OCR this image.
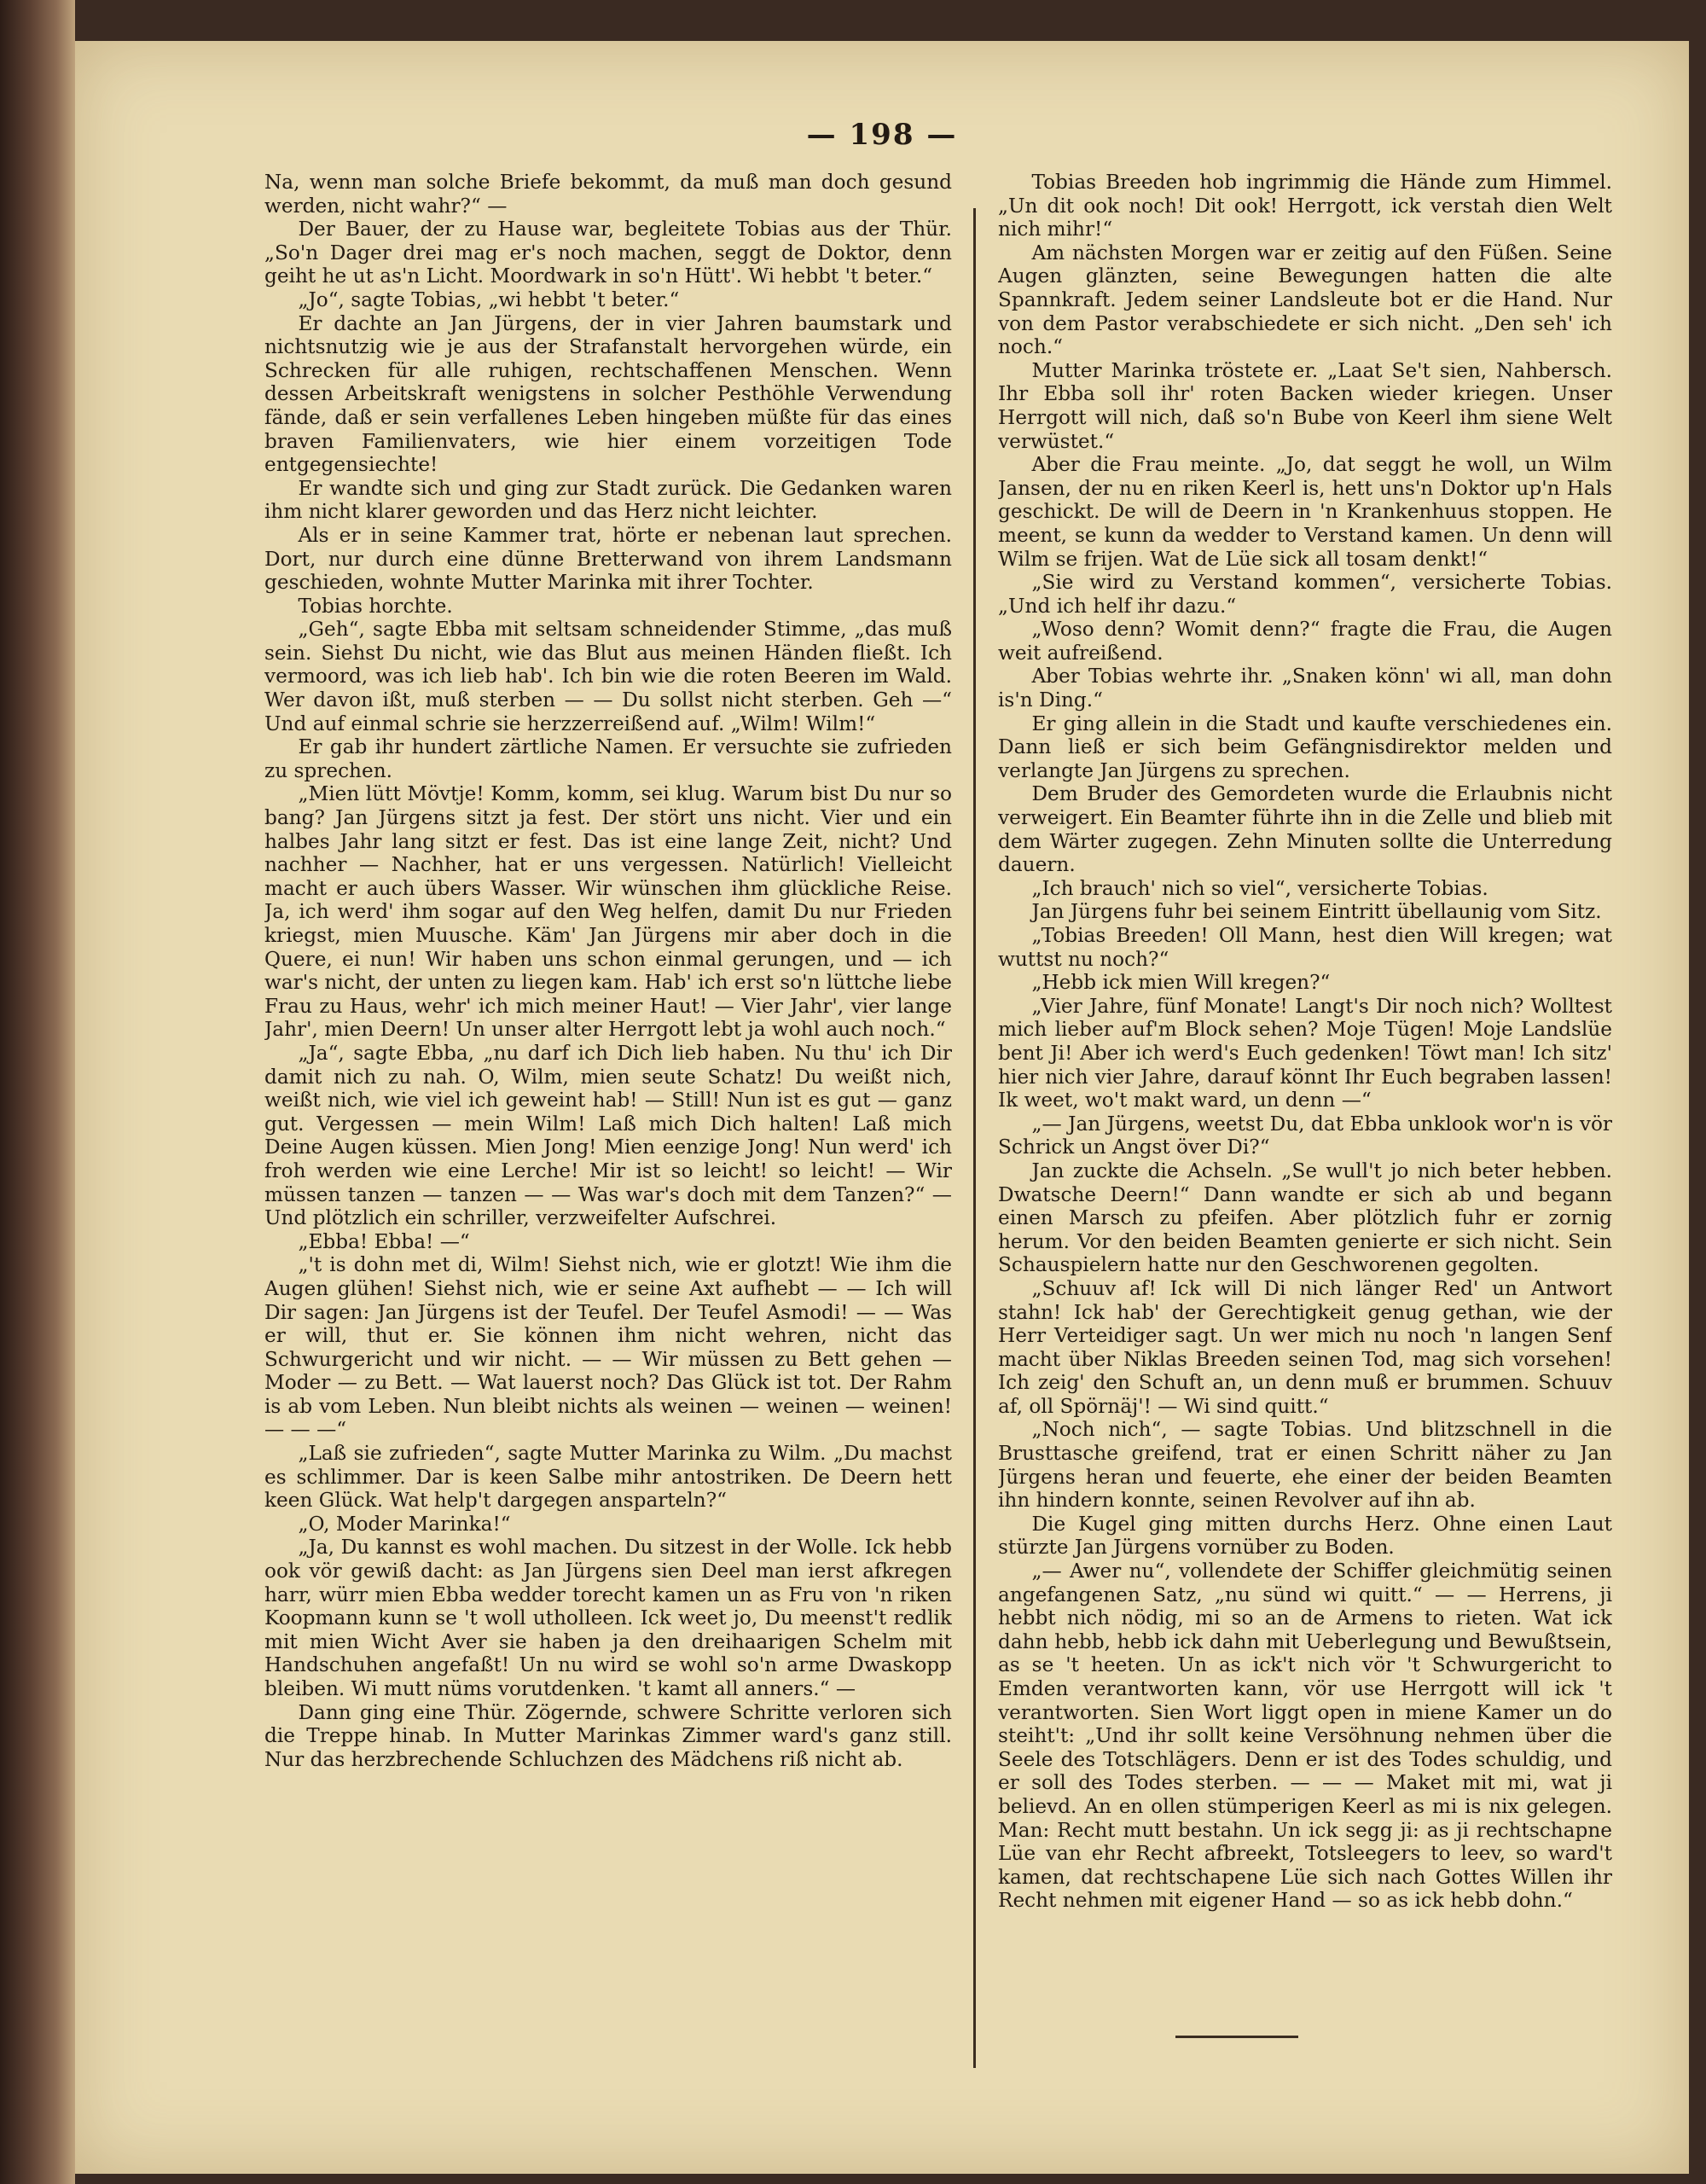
— 198 —

Na, wenn man solche Briefe bekommt, da muß man doch gesund werden, nicht wahr?“ —

Der Bauer, der zu Hause war, begleitete Tobias aus der Thür. „So'n Dager drei mag er's noch machen, seggt de Doktor, denn geiht he ut as'n Licht. Moordwark in so'n Hütt'. Wi hebbt 't beter.“

„Jo“, sagte Tobias, „wi hebbt 't beter.“

Er dachte an Jan Jürgens, der in vier Jahren baumstark und nichtsnutzig wie je aus der Strafanstalt hervorgehen würde, ein Schrecken für alle ruhigen, rechtschaffenen Menschen. Wenn dessen Arbeitskraft wenigstens in solcher Pesthöhle Verwendung fände, daß er sein verfallenes Leben hingeben müßte für das eines braven Familienvaters, wie hier einem vorzeitigen Tode entgegensiechte!

Er wandte sich und ging zur Stadt zurück. Die Gedanken waren ihm nicht klarer geworden und das Herz nicht leichter.

Als er in seine Kammer trat, hörte er nebenan laut sprechen. Dort, nur durch eine dünne Bretterwand von ihrem Landsmann geschieden, wohnte Mutter Marinka mit ihrer Tochter.

Tobias horchte.

„Geh“, sagte Ebba mit seltsam schneidender Stimme, „das muß sein. Siehst Du nicht, wie das Blut aus meinen Händen fließt. Ich vermoord, was ich lieb hab'. Ich bin wie die roten Beeren im Wald. Wer davon ißt, muß sterben — — Du sollst nicht sterben. Geh —“ Und auf einmal schrie sie herzzerreißend auf. „Wilm! Wilm!“

Er gab ihr hundert zärtliche Namen. Er versuchte sie zufrieden zu sprechen.

„Mien lütt Mövtje! Komm, komm, sei klug. Warum bist Du nur so bang? Jan Jürgens sitzt ja fest. Der stört uns nicht. Vier und ein halbes Jahr lang sitzt er fest. Das ist eine lange Zeit, nicht? Und nachher — Nachher, hat er uns vergessen. Natürlich! Vielleicht macht er auch übers Wasser. Wir wünschen ihm glückliche Reise. Ja, ich werd' ihm sogar auf den Weg helfen, damit Du nur Frieden kriegst, mien Muusche. Käm' Jan Jürgens mir aber doch in die Quere, ei nun! Wir haben uns schon einmal gerungen, und — ich war's nicht, der unten zu liegen kam. Hab' ich erst so'n lüttche liebe Frau zu Haus, wehr' ich mich meiner Haut! — Vier Jahr', vier lange Jahr', mien Deern! Un unser alter Herrgott lebt ja wohl auch noch.“

„Ja“, sagte Ebba, „nu darf ich Dich lieb haben. Nu thu' ich Dir damit nich zu nah. O, Wilm, mien seute Schatz! Du weißt nich, weißt nich, wie viel ich geweint hab! — Still! Nun ist es gut — ganz gut. Vergessen — mein Wilm! Laß mich Dich halten! Laß mich Deine Augen küssen. Mien Jong! Mien eenzige Jong! Nun werd' ich froh werden wie eine Lerche! Mir ist so leicht! so leicht! — Wir müssen tanzen — tanzen — — Was war's doch mit dem Tanzen?“ — Und plötzlich ein schriller, verzweifelter Aufschrei.

„Ebba! Ebba! —“

„'t is dohn met di, Wilm! Siehst nich, wie er glotzt! Wie ihm die Augen glühen! Siehst nich, wie er seine Axt aufhebt — — Ich will Dir sagen: Jan Jürgens ist der Teufel. Der Teufel Asmodi! — — Was er will, thut er. Sie können ihm nicht wehren, nicht das Schwurgericht und wir nicht. — — Wir müssen zu Bett gehen — Moder — zu Bett. — Wat lauerst noch? Das Glück ist tot. Der Rahm is ab vom Leben. Nun bleibt nichts als weinen — weinen — weinen! — — —“

„Laß sie zufrieden“, sagte Mutter Marinka zu Wilm. „Du machst es schlimmer. Dar is keen Salbe mihr antostriken. De Deern hett keen Glück. Wat help't dargegen ansparteln?“

„O, Moder Marinka!“

„Ja, Du kannst es wohl machen. Du sitzest in der Wolle. Ick hebb ook vör gewiß dacht: as Jan Jürgens sien Deel man ierst afkregen harr, würr mien Ebba wedder torecht kamen un as Fru von 'n riken Koopmann kunn se 't woll utholleen. Ick weet jo, Du meenst't redlik mit mien Wicht Aver sie haben ja den dreihaarigen Schelm mit Handschuhen angefaßt! Un nu wird se wohl so'n arme Dwaskopp bleiben. Wi mutt nüms vorutdenken. 't kamt all anners.“ —

Dann ging eine Thür. Zögernde, schwere Schritte verloren sich die Treppe hinab. In Mutter Marinkas Zimmer ward's ganz still. Nur das herzbrechende Schluchzen des Mädchens riß nicht ab.

Tobias Breeden hob ingrimmig die Hände zum Himmel. „Un dit ook noch! Dit ook! Herrgott, ick verstah dien Welt nich mihr!“

Am nächsten Morgen war er zeitig auf den Füßen. Seine Augen glänzten, seine Bewegungen hatten die alte Spannkraft. Jedem seiner Landsleute bot er die Hand. Nur von dem Pastor verabschiedete er sich nicht. „Den seh' ich noch.“

Mutter Marinka tröstete er. „Laat Se't sien, Nahbersch. Ihr Ebba soll ihr' roten Backen wieder kriegen. Unser Herrgott will nich, daß so'n Bube von Keerl ihm siene Welt verwüstet.“

Aber die Frau meinte. „Jo, dat seggt he woll, un Wilm Jansen, der nu en riken Keerl is, hett uns'n Doktor up'n Hals geschickt. De will de Deern in 'n Krankenhuus stoppen. He meent, se kunn da wedder to Verstand kamen. Un denn will Wilm se frijen. Wat de Lüe sick all tosam denkt!“

„Sie wird zu Verstand kommen“, versicherte Tobias. „Und ich helf ihr dazu.“

„Woso denn? Womit denn?“ fragte die Frau, die Augen weit aufreißend.

Aber Tobias wehrte ihr. „Snaken könn' wi all, man dohn is'n Ding.“

Er ging allein in die Stadt und kaufte verschiedenes ein. Dann ließ er sich beim Gefängnisdirektor melden und verlangte Jan Jürgens zu sprechen.

Dem Bruder des Gemordeten wurde die Erlaubnis nicht verweigert. Ein Beamter führte ihn in die Zelle und blieb mit dem Wärter zugegen. Zehn Minuten sollte die Unterredung dauern.

„Ich brauch' nich so viel“, versicherte Tobias.

Jan Jürgens fuhr bei seinem Eintritt übellaunig vom Sitz.

„Tobias Breeden! Oll Mann, hest dien Will kregen; wat wuttst nu noch?“

„Hebb ick mien Will kregen?“

„Vier Jahre, fünf Monate! Langt's Dir noch nich? Wolltest mich lieber auf'm Block sehen? Moje Tügen! Moje Landslüe bent Ji! Aber ich werd's Euch gedenken! Töwt man! Ich sitz' hier nich vier Jahre, darauf könnt Ihr Euch begraben lassen! Ik weet, wo't makt ward, un denn —“

„— Jan Jürgens, weetst Du, dat Ebba unklook wor'n is vör Schrick un Angst över Di?“

Jan zuckte die Achseln. „Se wull't jo nich beter hebben. Dwatsche Deern!“ Dann wandte er sich ab und begann einen Marsch zu pfeifen. Aber plötzlich fuhr er zornig herum. Vor den beiden Beamten genierte er sich nicht. Sein Schauspielern hatte nur den Geschworenen gegolten.

„Schuuv af! Ick will Di nich länger Red' un Antwort stahn! Ick hab' der Gerechtigkeit genug gethan, wie der Herr Verteidiger sagt. Un wer mich nu noch 'n langen Senf macht über Niklas Breeden seinen Tod, mag sich vorsehen! Ich zeig' den Schuft an, un denn muß er brummen. Schuuv af, oll Spörnäj'! — Wi sind quitt.“

„Noch nich“, — sagte Tobias. Und blitzschnell in die Brusttasche greifend, trat er einen Schritt näher zu Jan Jürgens heran und feuerte, ehe einer der beiden Beamten ihn hindern konnte, seinen Revolver auf ihn ab.

Die Kugel ging mitten durchs Herz. Ohne einen Laut stürzte Jan Jürgens vornüber zu Boden.

„— Awer nu“, vollendete der Schiffer gleichmütig seinen angefangenen Satz, „nu sünd wi quitt.“ — — Herrens, ji hebbt nich nödig, mi so an de Armens to rieten. Wat ick dahn hebb, hebb ick dahn mit Ueberlegung und Bewußtsein, as se 't heeten. Un as ick't nich vör 't Schwurgericht to Emden verantworten kann, vör use Herrgott will ick 't verantworten. Sien Wort liggt open in miene Kamer un do steiht't: „Und ihr sollt keine Versöhnung nehmen über die Seele des Totschlägers. Denn er ist des Todes schuldig, und er soll des Todes sterben. — — — Maket mit mi, wat ji believd. An en ollen stümperigen Keerl as mi is nix gelegen. Man: Recht mutt bestahn. Un ick segg ji: as ji rechtschapne Lüe van ehr Recht afbreekt, Totsleegers to leev, so ward't kamen, dat rechtschapene Lüe sich nach Gottes Willen ihr Recht nehmen mit eigener Hand — so as ick hebb dohn.“
